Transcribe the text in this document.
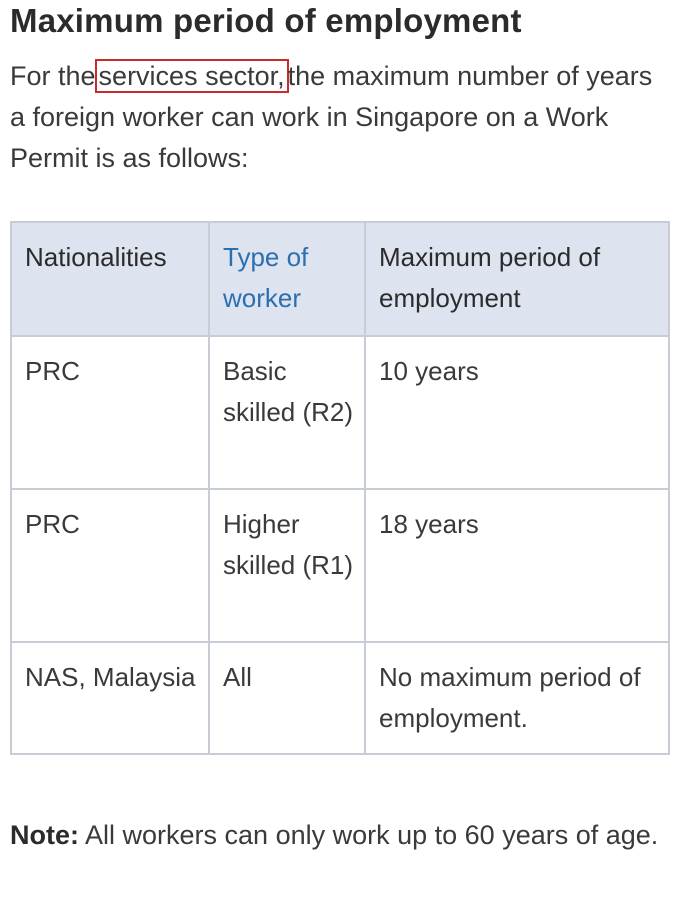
Maximum period of employment

For the services sector, the maximum number of years a foreign worker can work in Singapore on a Work Permit is as follows:

Nationalities	Type of worker	Maximum period of employment
PRC	Basic skilled (R2)	10 years
PRC	Higher skilled (R1)	18 years
NAS, Malaysia	All	No maximum period of employment.

Note: All workers can only work up to 60 years of age.
